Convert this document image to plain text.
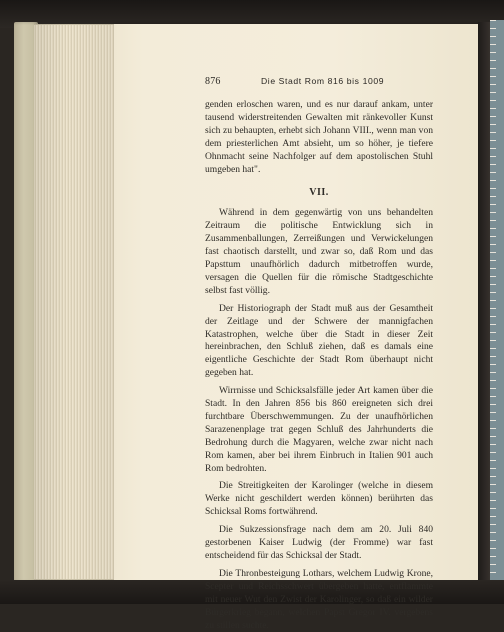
876	Die Stadt Rom 816 bis 1009

genden erloschen waren, und es nur darauf ankam, unter tausend widerstreitenden Gewalten mit ränkevoller Kunst sich zu behaupten, erhebt sich Johann VIII., wenn man von dem priesterlichen Amt absieht, um so höher, je tiefere Ohnmacht seine Nachfolger auf dem apostolischen Stuhl umgeben hat".

VII.

Während in dem gegenwärtig von uns behandelten Zeitraum die politische Entwicklung sich in Zusammenballungen, Zerreißungen und Verwickelungen fast chaotisch darstellt, und zwar so, daß Rom und das Papsttum unaufhörlich dadurch mitbetroffen wurde, versagen die Quellen für die römische Stadtgeschichte selbst fast völlig.

Der Historiograph der Stadt muß aus der Gesamtheit der Zeitlage und der Schwere der mannigfachen Katastrophen, welche über die Stadt in dieser Zeit hereinbrachen, den Schluß ziehen, daß es damals eine eigentliche Geschichte der Stadt Rom überhaupt nicht gegeben hat.

Wirrnisse und Schicksalsfälle jeder Art kamen über die Stadt. In den Jahren 856 bis 860 ereigneten sich drei furchtbare Überschwemmungen. Zu der unaufhörlichen Sarazenenplage trat gegen Schluß des Jahrhunderts die Bedrohung durch die Magyaren, welche zwar nicht nach Rom kamen, aber bei ihrem Einbruch in Italien 901 auch Rom bedrohten.

Die Streitigkeiten der Karolinger (welche in diesem Werke nicht geschildert werden können) berührten das Schicksal Roms fortwährend.

Die Sukzessionsfrage nach dem am 20. Juli 840 gestorbenen Kaiser Ludwig (der Fromme) war fast entscheidend für das Schicksal der Stadt.

Die Thronbesteigung Lothars, welchem Ludwig Krone, Scepter und Reichsschwert übergeben hatte, entflammte mit neuer Wut den Zwist der Karolinger, so daß ein wilder Bürgerkrieg begann, welchen Papst Gregor IV. vergebens zu stillen suchte.
